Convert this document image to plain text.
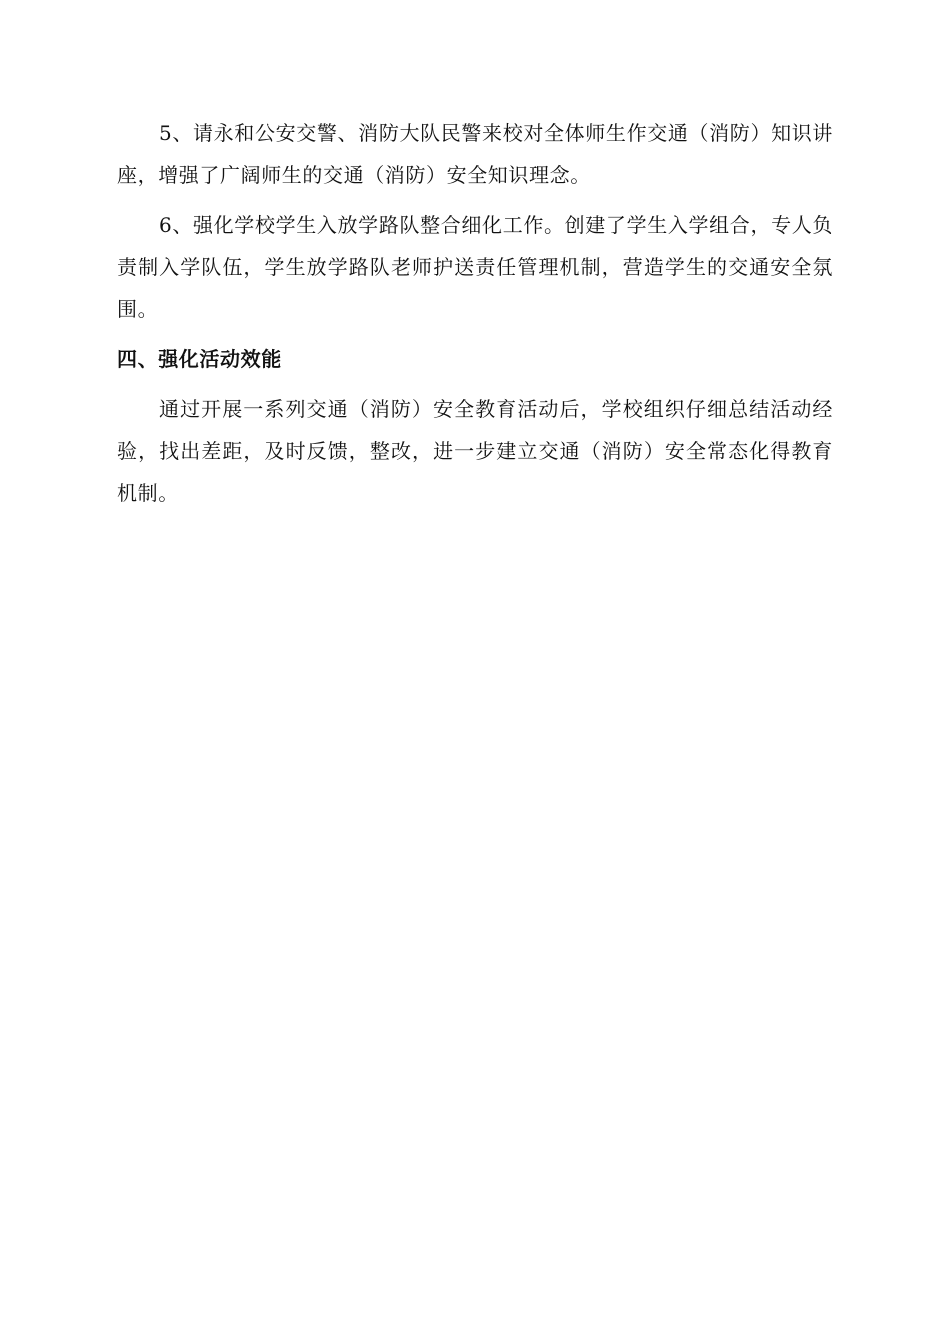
5、请永和公安交警、消防大队民警来校对全体师生作交通（消防）知识讲座，增强了广阔师生的交通（消防）安全知识理念。

6、强化学校学生入放学路队整合细化工作。创建了学生入学组合，专人负责制入学队伍，学生放学路队老师护送责任管理机制，营造学生的交通安全氛围。

四、强化活动效能

通过开展一系列交通（消防）安全教育活动后，学校组织仔细总结活动经验，找出差距，及时反馈，整改，进一步建立交通（消防）安全常态化得教育机制。
